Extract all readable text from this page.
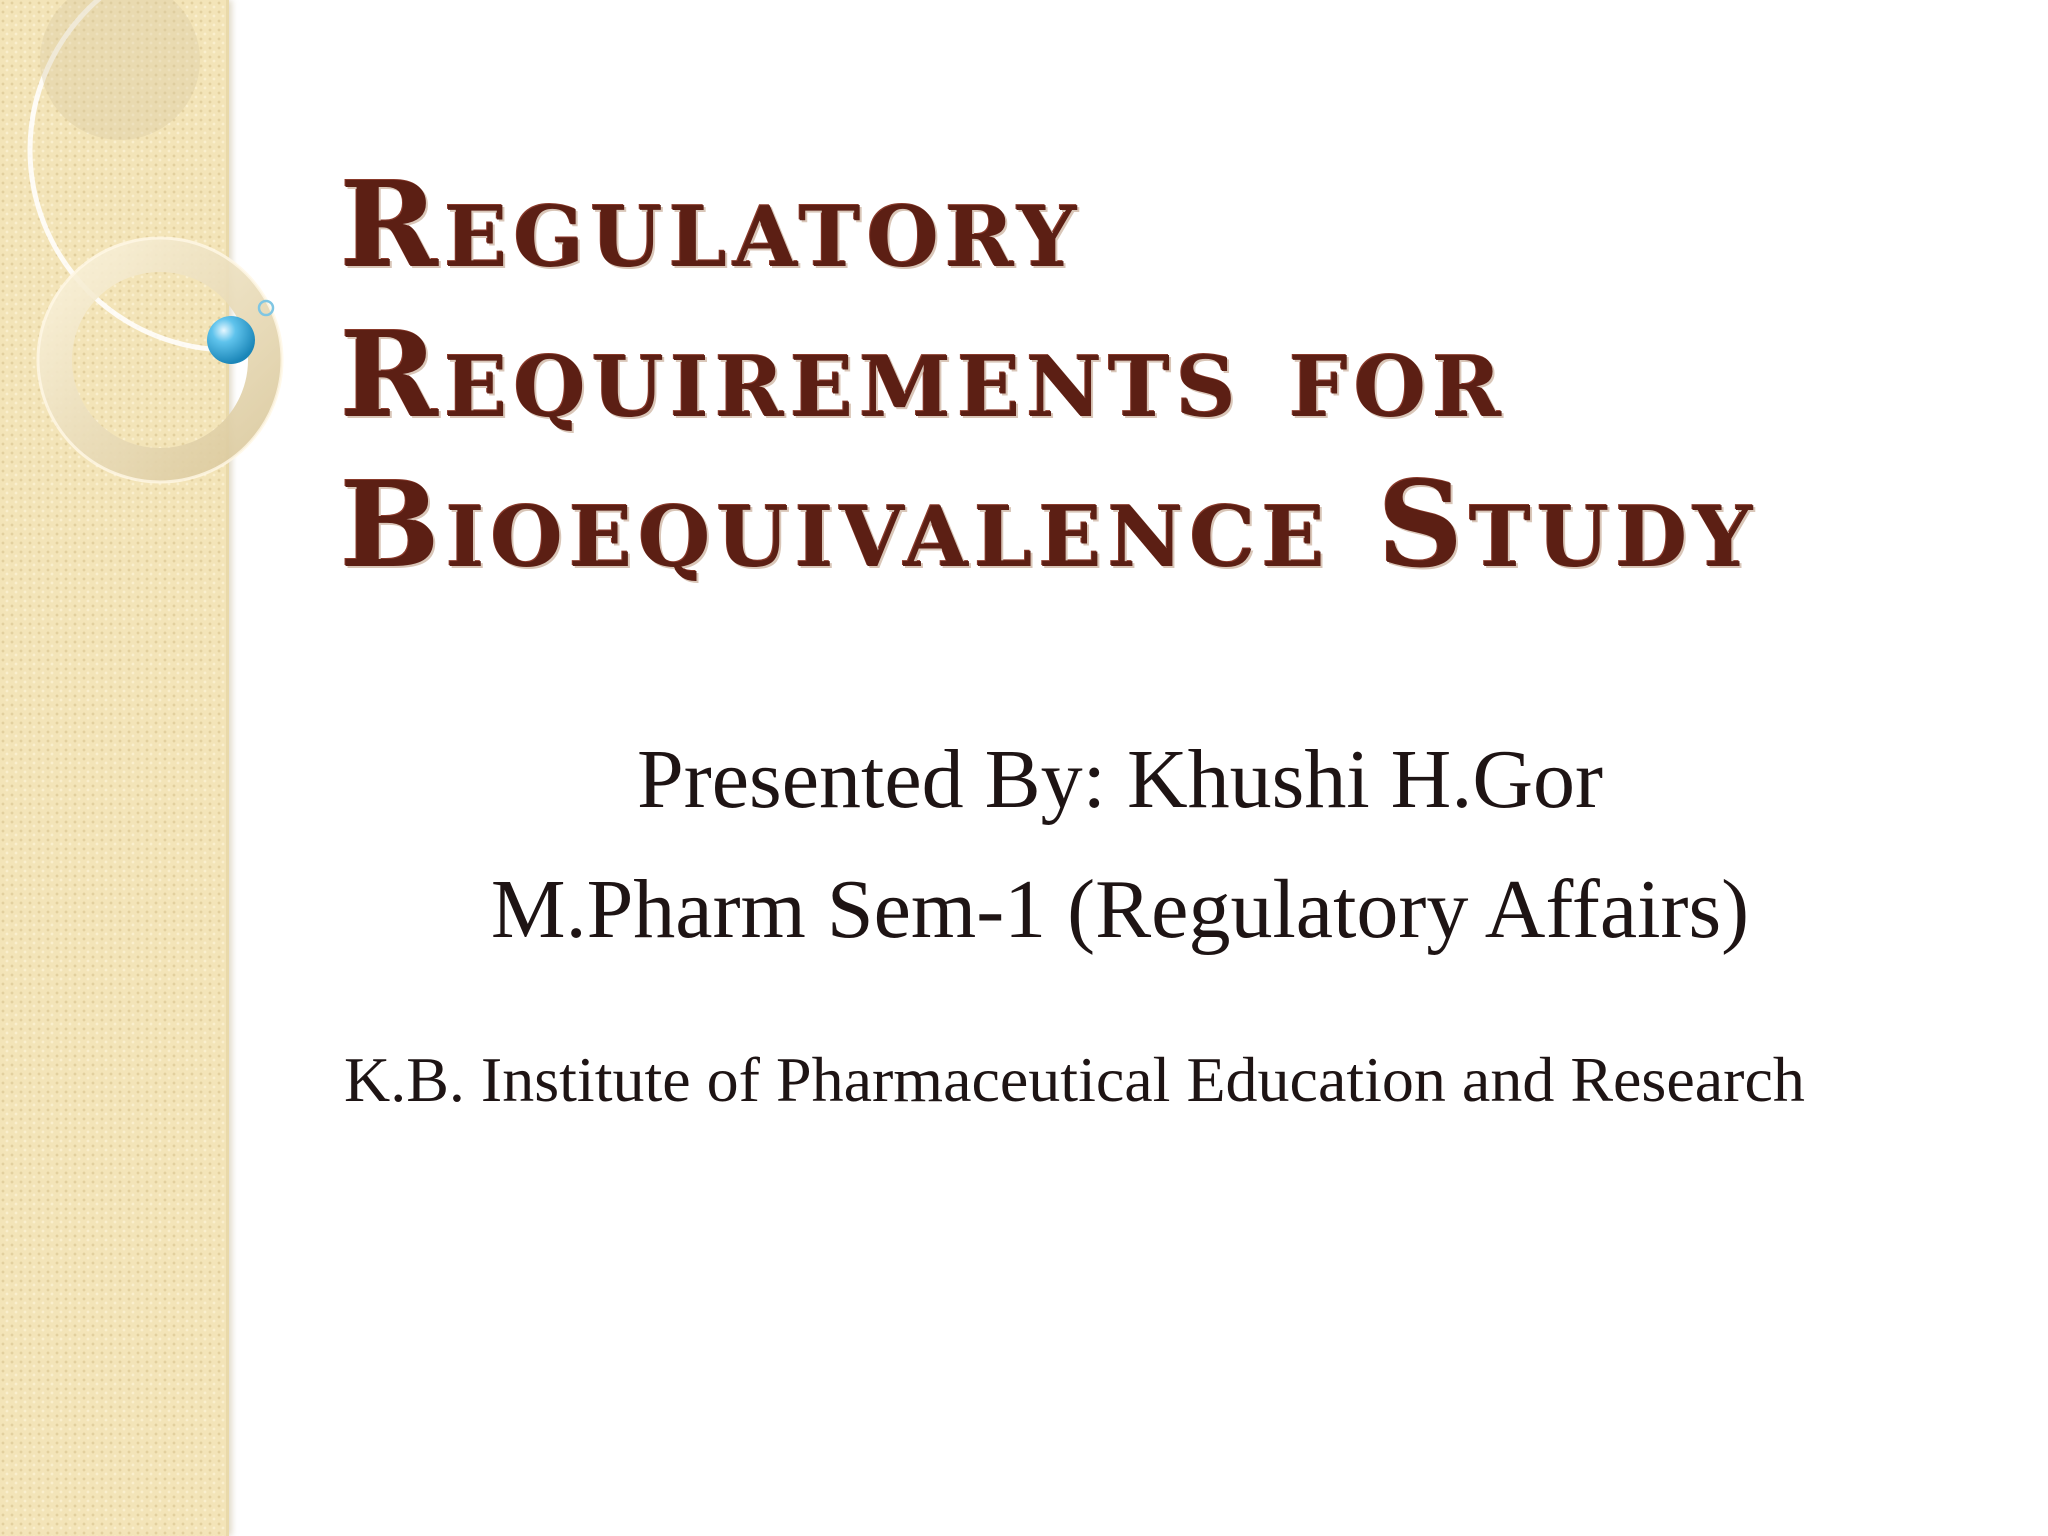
Regulatory
Requirements for
Bioequivalence Study
Presented By: Khushi H.Gor
M.Pharm Sem-1 (Regulatory Affairs)
K.B. Institute of Pharmaceutical Education and Research
